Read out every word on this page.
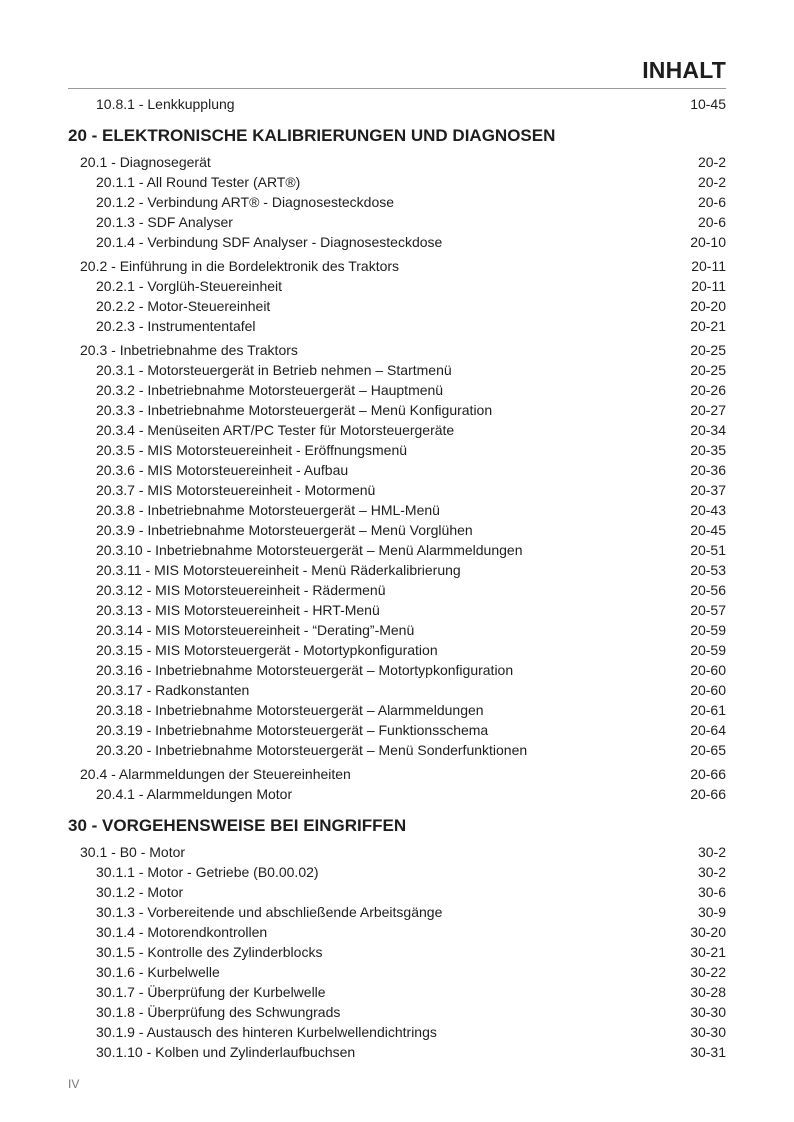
INHALT
10.8.1 - Lenkkupplung	10-45
20 - ELEKTRONISCHE KALIBRIERUNGEN UND DIAGNOSEN
20.1 - Diagnosegerät	20-2
20.1.1 - All Round Tester (ART®)	20-2
20.1.2 - Verbindung ART® - Diagnosesteckdose	20-6
20.1.3 - SDF Analyser	20-6
20.1.4 - Verbindung SDF Analyser - Diagnosesteckdose	20-10
20.2 - Einführung in die Bordelektronik des Traktors	20-11
20.2.1 - Vorglüh-Steuereinheit	20-11
20.2.2 - Motor-Steuereinheit	20-20
20.2.3 - Instrumententafel	20-21
20.3 - Inbetriebnahme des Traktors	20-25
20.3.1 - Motorsteuergerät in Betrieb nehmen – Startmenü	20-25
20.3.2 - Inbetriebnahme Motorsteuergerät – Hauptmenü	20-26
20.3.3 - Inbetriebnahme Motorsteuergerät – Menü Konfiguration	20-27
20.3.4 - Menüseiten ART/PC Tester für Motorsteuergeräte	20-34
20.3.5 - MIS Motorsteuereinheit - Eröffnungsmenü	20-35
20.3.6 - MIS Motorsteuereinheit - Aufbau	20-36
20.3.7 - MIS Motorsteuereinheit - Motormenü	20-37
20.3.8 - Inbetriebnahme Motorsteuergerät – HML-Menü	20-43
20.3.9 - Inbetriebnahme Motorsteuergerät – Menü Vorglühen	20-45
20.3.10 - Inbetriebnahme Motorsteuergerät – Menü Alarmmeldungen	20-51
20.3.11 - MIS Motorsteuereinheit - Menü Räderkalibrierung	20-53
20.3.12 - MIS Motorsteuereinheit - Rädermenü	20-56
20.3.13 - MIS Motorsteuereinheit - HRT-Menü	20-57
20.3.14 - MIS Motorsteuereinheit - “Derating”-Menü	20-59
20.3.15 - MIS Motorsteuergerät - Motortypkonfiguration	20-59
20.3.16 - Inbetriebnahme Motorsteuergerät – Motortypkonfiguration	20-60
20.3.17 - Radkonstanten	20-60
20.3.18 - Inbetriebnahme Motorsteuergerät – Alarmmeldungen	20-61
20.3.19 - Inbetriebnahme Motorsteuergerät – Funktionsschema	20-64
20.3.20 - Inbetriebnahme Motorsteuergerät – Menü Sonderfunktionen	20-65
20.4 - Alarmmeldungen der Steuereinheiten	20-66
20.4.1 - Alarmmeldungen Motor	20-66
30 - VORGEHENSWEISE BEI EINGRIFFEN
30.1 - B0 - Motor	30-2
30.1.1 - Motor - Getriebe (B0.00.02)	30-2
30.1.2 - Motor	30-6
30.1.3 - Vorbereitende und abschließende Arbeitsgänge	30-9
30.1.4 - Motorendkontrollen	30-20
30.1.5 - Kontrolle des Zylinderblocks	30-21
30.1.6 - Kurbelwelle	30-22
30.1.7 - Überprüfung der Kurbelwelle	30-28
30.1.8 - Überprüfung des Schwungrads	30-30
30.1.9 - Austausch des hinteren Kurbelwellendichtrings	30-30
30.1.10 - Kolben und Zylinderlaufbuchsen	30-31
IV
